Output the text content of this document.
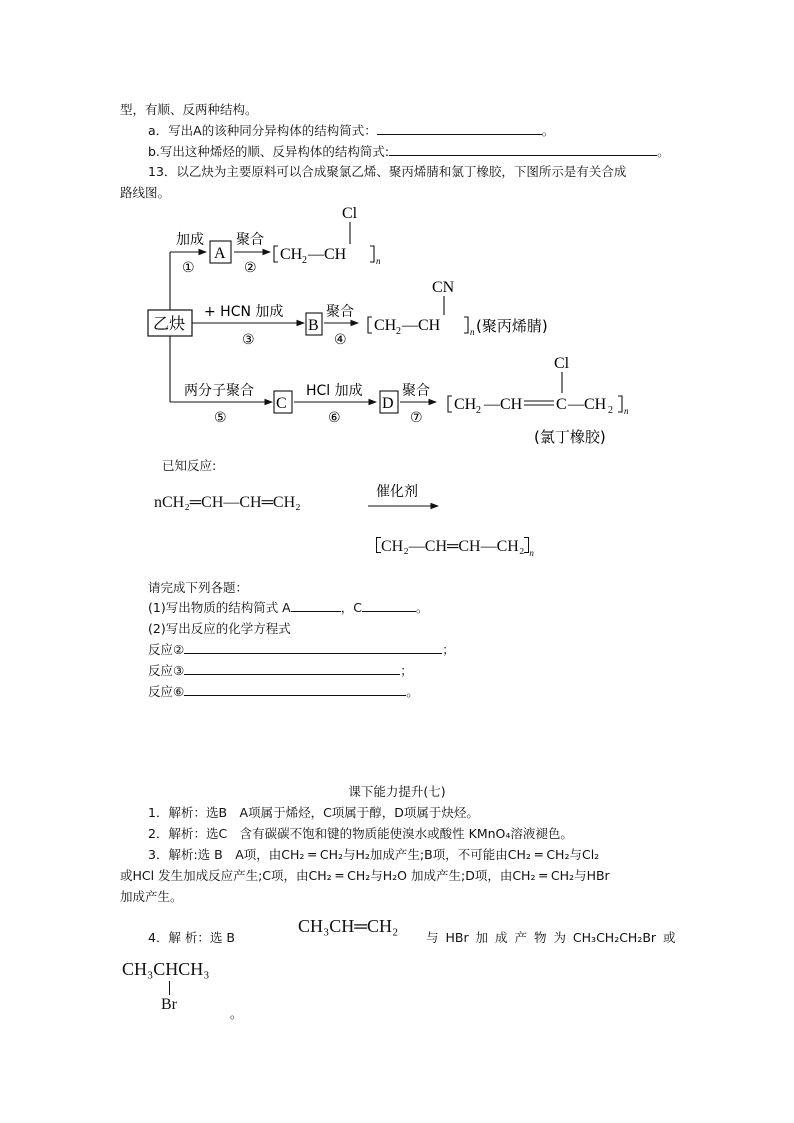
型，有顺、反两种结构。
a．写出A的该种同分异构体的结构简式：	。
b.写出这种烯烃的顺、反异构体的结构简式:	。
13．以乙炔为主要原料可以合成聚氯乙烯、聚丙烯腈和氯丁橡胶，下图所示是有关合成
路线图。
乙炔
加成
①
A
聚合
②
CH 2 —CH	n
Cl
+ HCN 加成
③
B
聚合
④
CH 2 —CH	n
CN
(聚丙烯腈)
两分子聚合
⑤
C
HCl 加成
⑥
D
聚合
⑦
CH 2 —CH C —CH 2 n
Cl
(氯丁橡胶)
已知反应:
nCH₂═CH—CH═CH₂
催化剂
CH₂—CH═CH—CH₂ $_n$
请完成下列各题：
(1)写出物质的结构简式 A	，C	。
(2)写出反应的化学方程式
反应②	；
反应③	；
反应⑥	。
课下能力提升(七)
1．解析：选B　A项属于烯烃，C项属于醇，D项属于炔烃。
2．解析：选C　含有碳碳不饱和键的物质能使溴水或酸性 KMnO₄溶液褪色。
3．解析:选 B　A项，由CH₂ ═ CH₂与H₂加成产生;B项，不可能由CH₂ ═ CH₂与Cl₂
或HCl 发生加成反应产生;C项，由CH₂ ═ CH₂与H₂O 加成产生;D项，由CH₂ ═ CH₂与HBr
加成产生。
4．解 析：选 B
CH₃CH═CH₂
与 HBr 加 成 产 物 为 CH₃CH₂CH₂Br 或
CH₃CHCH₃
Br
。
